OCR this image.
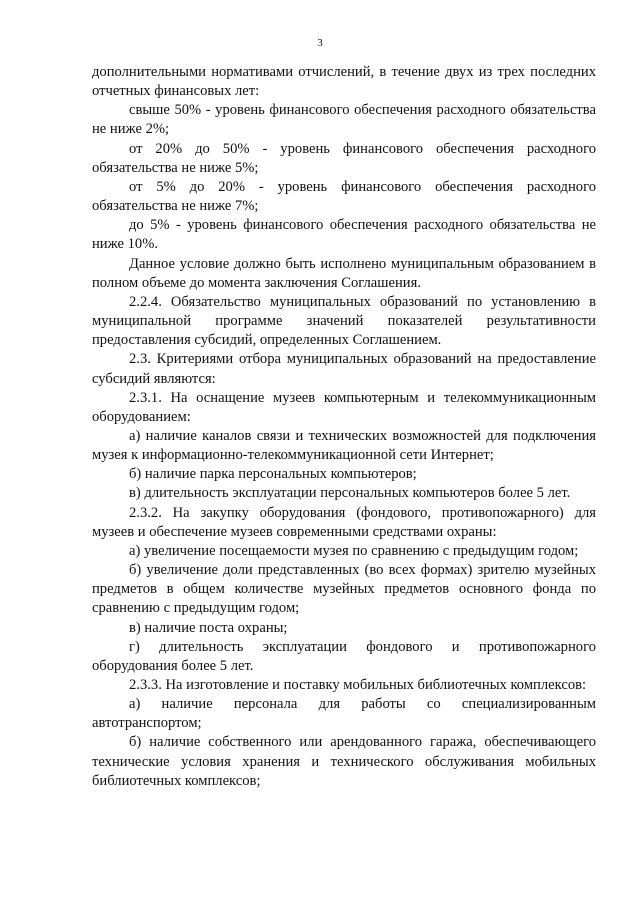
3

дополнительными нормативами отчислений, в течение двух из трех последних отчетных финансовых лет:

свыше 50% - уровень финансового обеспечения расходного обязательства не ниже 2%;

от 20% до 50% - уровень финансового обеспечения расходного обязательства не ниже 5%;

от 5% до 20% - уровень финансового обеспечения расходного обязательства не ниже 7%;

до 5% - уровень финансового обеспечения расходного обязательства не ниже 10%.

Данное условие должно быть исполнено муниципальным образованием в полном объеме до момента заключения Соглашения.

2.2.4. Обязательство муниципальных образований по установлению в муниципальной программе значений показателей результативности предоставления субсидий, определенных Соглашением.

2.3. Критериями отбора муниципальных образований на предоставление субсидий являются:

2.3.1. На оснащение музеев компьютерным и телекоммуникационным оборудованием:

а) наличие каналов связи и технических возможностей для подключения музея к информационно-телекоммуникационной сети Интернет;

б) наличие парка персональных компьютеров;

в) длительность эксплуатации персональных компьютеров более 5 лет.

2.3.2. На закупку оборудования (фондового, противопожарного) для музеев и обеспечение музеев современными средствами охраны:

а) увеличение посещаемости музея по сравнению с предыдущим годом;

б) увеличение доли представленных (во всех формах) зрителю музейных предметов в общем количестве музейных предметов основного фонда по сравнению с предыдущим годом;

в) наличие поста охраны;

г) длительность эксплуатации фондового и противопожарного оборудования более 5 лет.

2.3.3. На изготовление и поставку мобильных библиотечных комплексов:

а) наличие персонала для работы со специализированным автотранспортом;

б) наличие собственного или арендованного гаража, обеспечивающего технические условия хранения и технического обслуживания мобильных библиотечных комплексов;
